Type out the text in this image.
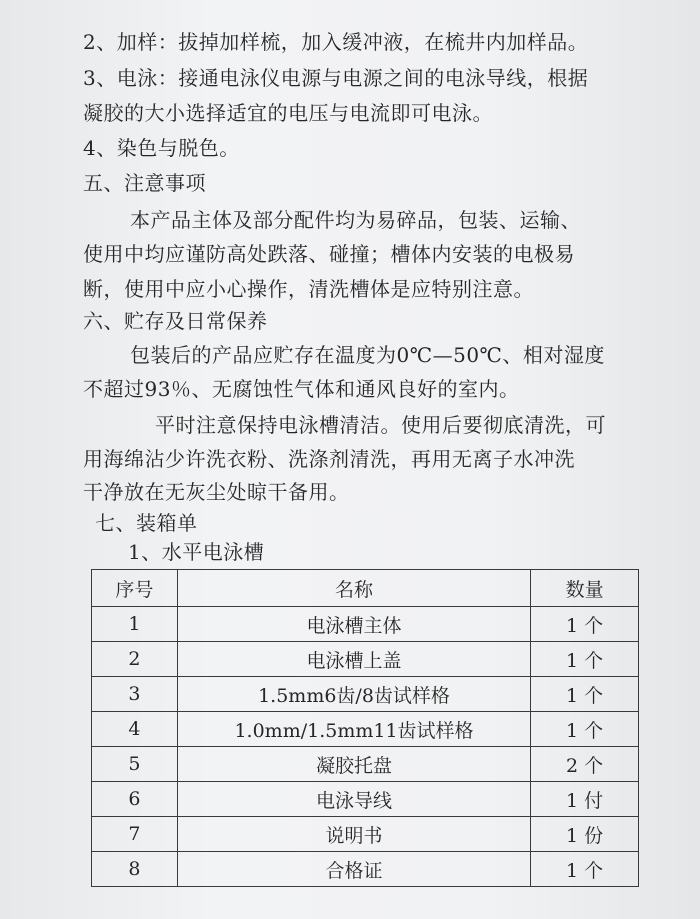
2、加样：拔掉加样梳，加入缓冲液，在梳井内加样品。
3、电泳：接通电泳仪电源与电源之间的电泳导线，根据
凝胶的大小选择适宜的电压与电流即可电泳。
4、染色与脱色。
五、注意事项
本产品主体及部分配件均为易碎品，包装、运输、
使用中均应谨防高处跌落、碰撞；槽体内安装的电极易
断，使用中应小心操作，清洗槽体是应特别注意。
六、贮存及日常保养
包装后的产品应贮存在温度为0℃—50℃、相对湿度
不超过93％、无腐蚀性气体和通风良好的室内。
平时注意保持电泳槽清洁。使用后要彻底清洗，可
用海绵沾少许洗衣粉、洗涤剂清洗，再用无离子水冲洗
干净放在无灰尘处晾干备用。
七、装箱单
1、水平电泳槽
序号	名称	数量
1	电泳槽主体	1 个
2	电泳槽上盖	1 个
3	1.5mm6齿/8齿试样格	1 个
4	1.0mm/1.5mm11齿试样格	1 个
5	凝胶托盘	2 个
6	电泳导线	1 付
7	说明书	1 份
8	合格证	1 个
